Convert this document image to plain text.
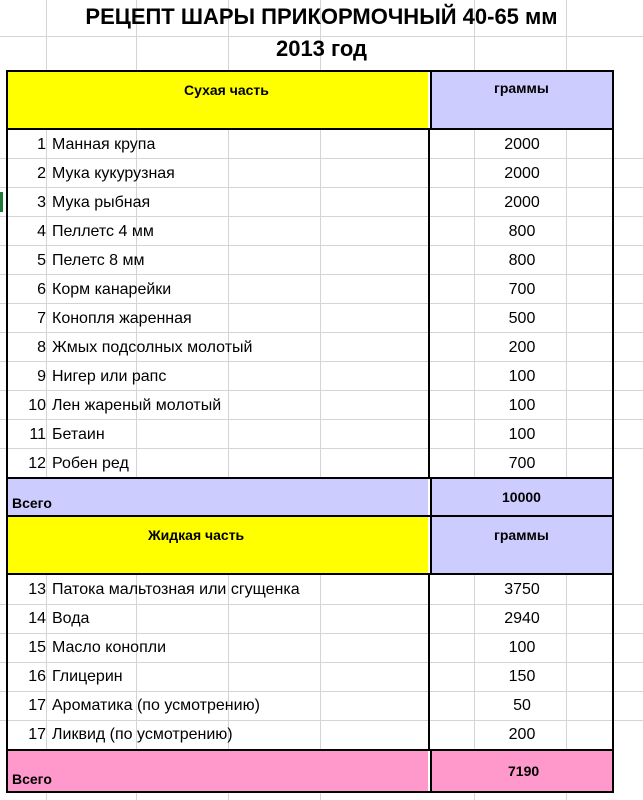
РЕЦЕПТ ШАРЫ ПРИКОРМОЧНЫЙ 40-65 мм
2013 год
Сухая часть	граммы
1 Манная крупа	2000
2 Мука кукурузная	2000
3 Мука рыбная	2000
4 Пеллетс 4 мм	800
5 Пелетс 8 мм	800
6 Корм канарейки	700
7 Конопля жаренная	500
8 Жмых подсолных молотый	200
9 Нигер или рапс	100
10 Лен жареный молотый	100
11 Бетаин	100
12 Робен ред	700
Всего	10000
Жидкая часть	граммы
13 Патока мальтозная или сгущенка	3750
14 Вода	2940
15 Масло конопли	100
16 Глицерин	150
17 Ароматика (по усмотрению)	50
17 Ликвид (по усмотрению)	200
Всего	7190
